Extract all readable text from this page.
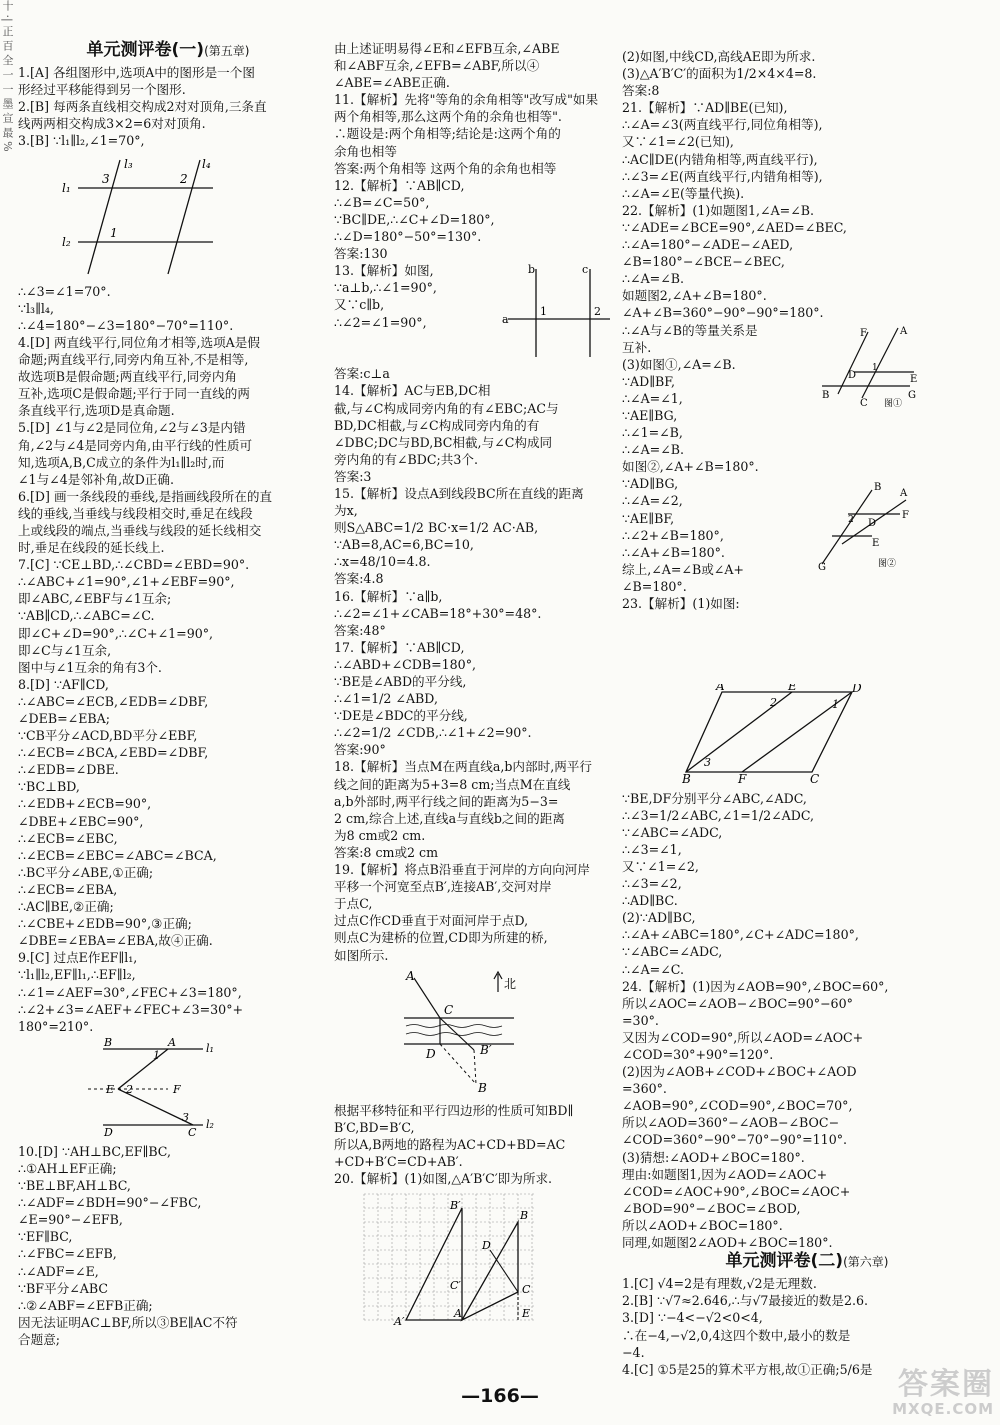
十 ·| 正 百 全 一 一 墨 宣 最 %	单元测评卷(一)(第五章)
1.[A] 各组图形中,选项A中的图形是一个图
形经过平移能得到另一个图形.
2.[B] 每两条直线相交构成2对对顶角,三条直
线两两相交构成3×2=6对对顶角.
3.[B] ∵l₁∥l₂,∠1=70°,
l₁
l₂
l₃	l₄
3	2
1
∴∠3=∠1=70°.
∵l₃∥l₄,
∴∠4=180°−∠3=180°−70°=110°.
4.[D] 两直线平行,同位角才相等,选项A是假
命题;两直线平行,同旁内角互补,不是相等,
故选项B是假命题;两直线平行,同旁内角
互补,选项C是假命题;平行于同一直线的两
条直线平行,选项D是真命题.
5.[D] ∠1与∠2是同位角,∠2与∠3是内错
角,∠2与∠4是同旁内角,由平行线的性质可
知,选项A,B,C成立的条件为l₁∥l₂时,而
∠1与∠4是邻补角,故D正确.
6.[D] 画一条线段的垂线,是指画线段所在的直
线的垂线,当垂线与线段相交时,垂足在线段
上或线段的端点,当垂线与线段的延长线相交
时,垂足在线段的延长线上.
7.[C] ∵CE⊥BD,∴∠CBD=∠EBD=90°.
∴∠ABC+∠1=90°,∠1+∠EBF=90°,
即∠ABC,∠EBF与∠1互余;
∵AB∥CD,∴∠ABC=∠C.
即∠C+∠D=90°,∴∠C+∠1=90°,
即∠C与∠1互余,
图中与∠1互余的角有3个.
8.[D] ∵AF∥CD,
∴∠ABC=∠ECB,∠EDB=∠DBF,
∠DEB=∠EBA;
∵CB平分∠ACD,BD平分∠EBF,
∴∠ECB=∠BCA,∠EBD=∠DBF,
∴∠EDB=∠DBE.
∵BC⊥BD,
∴∠EDB+∠ECB=90°,
∠DBE+∠EBC=90°,
∴∠ECB=∠EBC,
∴∠ECB=∠EBC=∠ABC=∠BCA,
∴BC平分∠ABE,①正确;
∴∠ECB=∠EBA,
∴AC∥BE,②正确;
∴∠CBE+∠EDB=90°,③正确;
∠DBE=∠EBA=∠EBA,故④正确.
9.[C] 过点E作EF∥l₁,
∵l₁∥l₂,EF∥l₁,∴EF∥l₂,
∴∠1=∠AEF=30°,∠FEC+∠3=180°,
∴∠2+∠3=∠AEF+∠FEC+∠3=30°+
180°=210°.
B	A	l₁
E 2	F
3
D	C
l₂
1
10.[D] ∵AH⊥BC,EF∥BC,
∴①AH⊥EF正确;
∵BE⊥BF,AH⊥BC,
∴∠ADF=∠BDH=90°−∠FBC,
∠E=90°−∠EFB,
∵EF∥BC,
∴∠FBC=∠EFB,
∴∠ADF=∠E,
∵BF平分∠ABC
∴②∠ABF=∠EFB正确;
因无法证明AC⊥BF,所以③BE∥AC不符
合题意;
由上述证明易得∠E和∠EFB互余,∠ABE
和∠ABF互余,∠EFB=∠ABF,所以④
∠ABE=∠ABE正确.
11.【解析】先将"等角的余角相等"改写成"如果
两个角相等,那么这两个角的余角也相等".
∴题设是:两个角相等;结论是:这两个角的
余角也相等
答案:两个角相等 这两个角的余角也相等
12.【解析】∵AB∥CD,
∴∠B=∠C=50°,
∵BC∥DE,∴∠C+∠D=180°,
∴∠D=180°−50°=130°.
答案:130
13.【解析】如图,
∵a⊥b,∴∠1=90°,
又∵c∥b,
∴∠2=∠1=90°,
b	c
a
1	2
答案:c⊥a
14.【解析】AC与EB,DC相
截,与∠C构成同旁内角的有∠EBC;AC与
BD,DC相截,与∠C构成同旁内角的有
∠DBC;DC与BD,BC相截,与∠C构成同
旁内角的有∠BDC;共3个.
答案:3
15.【解析】设点A到线段BC所在直线的距离
为x,
则S△ABC=1/2 BC·x=1/2 AC·AB,
∵AB=8,AC=6,BC=10,
∴x=48/10=4.8.
答案:4.8
16.【解析】∵a∥b,
∴∠2=∠1+∠CAB=18°+30°=48°.
答案:48°
17.【解析】∵AB∥CD,
∴∠ABD+∠CDB=180°,
∵BE是∠ABD的平分线,
∴∠1=1/2 ∠ABD,
∵DE是∠BDC的平分线,
∴∠2=1/2 ∠CDB,∴∠1+∠2=90°.
答案:90°
18.【解析】当点M在两直线a,b内部时,两平行
线之间的距离为5+3=8 cm;当点M在直线
a,b外部时,两平行线之间的距离为5−3=
2 cm,综合上述,直线a与直线b之间的距离
为8 cm或2 cm.
答案:8 cm或2 cm
19.【解析】将点B沿垂直于河岸的方向向河岸
平移一个河宽至点B′,连接AB′,交河对岸
于点C,
过点C作CD垂直于对面河岸于点D,
则点C为建桥的位置,CD即为所建的桥,
如图所示.
A
C
D	B′
B
北
根据平移特征和平行四边形的性质可知BD∥
B′C,BD=B′C,
所以A,B两地的路程为AC+CD+BD=AC
+CD+B′C=CD+AB′.
20.【解析】(1)如图,△A′B′C′即为所求.
A′
B′
C′
A
B
C
D
E
(2)如图,中线CD,高线AE即为所求.
(3)△A′B′C′的面积为1/2×4×4=8.
答案:8
21.【解析】∵AD∥BE(已知),
∴∠A=∠3(两直线平行,同位角相等),
又∵∠1=∠2(已知),
∴AC∥DE(内错角相等,两直线平行),
∴∠3=∠E(两直线平行,内错角相等),
∴∠A=∠E(等量代换).
22.【解析】(1)如题图1,∠A=∠B.
∵∠ADE=∠BCE=90°,∠AED=∠BEC,
∴∠A=180°−∠ADE−∠AED,
∠B=180°−∠BCE−∠BEC,
∴∠A=∠B.
如题图2,∠A+∠B=180°.
∠A+∠B=360°−90°−90°=180°.
∴∠A与∠B的等量关系是
互补.
(3)如图①,∠A=∠B.
∵AD∥BF,
∴∠A=∠1,
∵AE∥BG,
∴∠1=∠B,
∴∠A=∠B.
如图②,∠A+∠B=180°.
∵AD∥BG,
∴∠A=∠2,
∵AE∥BF,
∴∠2+∠B=180°,
∴∠A+∠B=180°.
综上,∠A=∠B或∠A+
∠B=180°.
23.【解析】(1)如图:
F	A
B
E
D
C
G
1
图①
A
F
D
E
G
B
2
图②
A	E	D
B	F	C
2	1
3
∵BE,DF分别平分∠ABC,∠ADC,
∴∠3=1/2∠ABC,∠1=1/2∠ADC,
∵∠ABC=∠ADC,
∴∠3=∠1,
又∵∠1=∠2,
∴∠3=∠2,
∴AD∥BC.
(2)∵AD∥BC,
∴∠A+∠ABC=180°,∠C+∠ADC=180°,
∵∠ABC=∠ADC,
∴∠A=∠C.
24.【解析】(1)因为∠AOB=90°,∠BOC=60°,
所以∠AOC=∠AOB−∠BOC=90°−60°
=30°.
又因为∠COD=90°,所以∠AOD=∠AOC+
∠COD=30°+90°=120°.
(2)因为∠AOB+∠COD+∠BOC+∠AOD
=360°.
∠AOB=90°,∠COD=90°,∠BOC=70°,
所以∠AOD=360°−∠AOB−∠BOC−
∠COD=360°−90°−70°−90°=110°.
(3)猜想:∠AOD+∠BOC=180°.
理由:如题图1,因为∠AOD=∠AOC+
∠COD=∠AOC+90°,∠BOC=∠AOC+
∠BOD=90°−∠BOC=∠BOD,
所以∠AOD+∠BOC=180°.
同理,如题图2∠AOD+∠BOC=180°.
单元测评卷(二)(第六章)
1.[C] √4=2是有理数,√2是无理数.
2.[B] ∵√7≈2.646,∴与√7最接近的数是2.6.
3.[D] ∵−4<−√2<0<4,
∴在−4,−√2,0,4这四个数中,最小的数是
−4.
4.[C] ①5是25的算术平方根,故①正确;5/6是
—166—	答案圈
MXQE.COM
